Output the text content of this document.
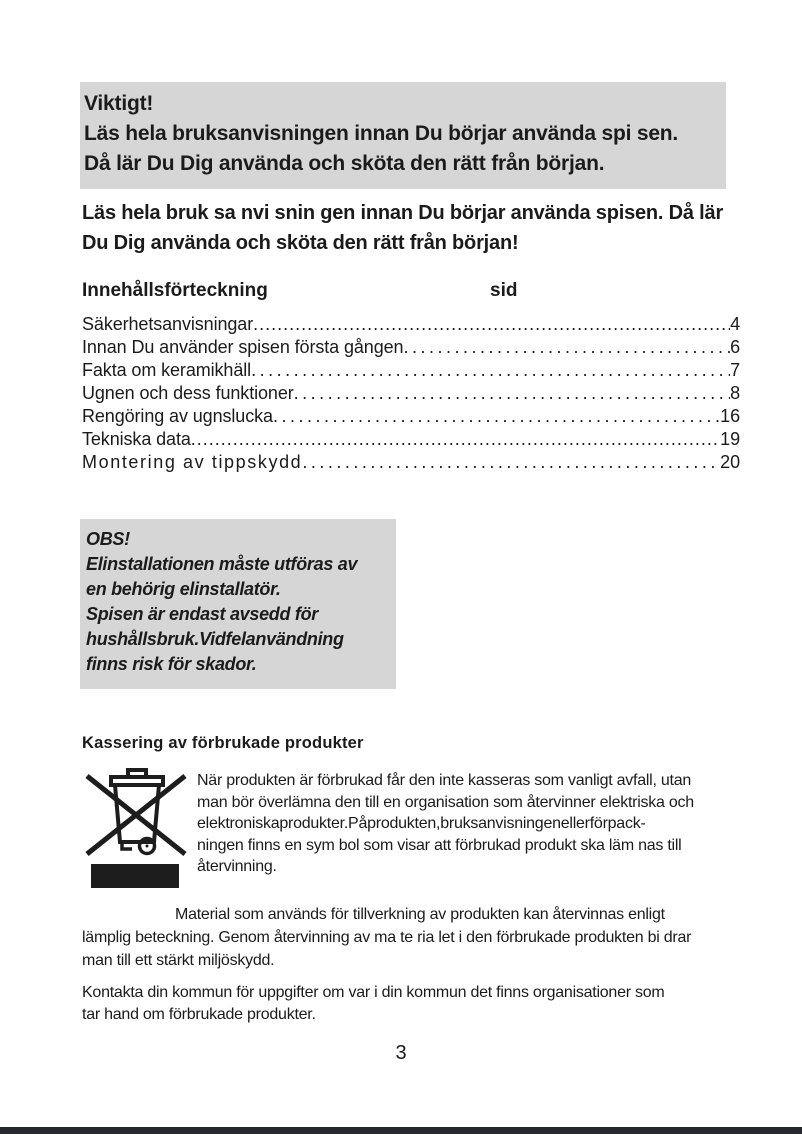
Viktigt!
Läs hela bruksanvisningen innan Du börjar använda spi sen.
Då lär Du Dig använda och sköta den rätt från början.
Läs hela bruk sa nvi snin gen innan Du börjar använda spisen. Då lär Du Dig använda och sköta den rätt från början!
Innehållsförteckning	sid
Säkerhetsanvisningar .....	4
Innan Du använder spisen första gången .....	6
Fakta om keramikhäll .....	7
Ugnen och dess funktioner .....	8
Rengöring av ugnslucka .....	16
Tekniska data .....	19
Montering av tippskydd .....	20
OBS!
Elinstallationen måste utföras av
en behörig elinstallatör.
Spisen är endast avsedd för
hushållsbruk.Vidfelanvändning
finns risk för skador.
Kassering av förbrukade produkter
När produkten är förbrukad får den inte kasseras som vanligt avfall, utan
man bör överlämna den till en organisation som återvinner elektriska och
elektroniskaprodukter.Påprodukten,bruksanvisningenellerförpack-
ningen finns en sym bol som visar att förbrukad produkt ska läm nas till
återvinning.
Material som används för tillverkning av produkten kan återvinnas enligt
lämplig beteckning. Genom återvinning av ma te ria let i den förbrukade produkten bi drar
man till ett stärkt miljöskydd.
Kontakta din kommun för uppgifter om var i din kommun det finns organisationer som
tar hand om förbrukade produkter.
3
